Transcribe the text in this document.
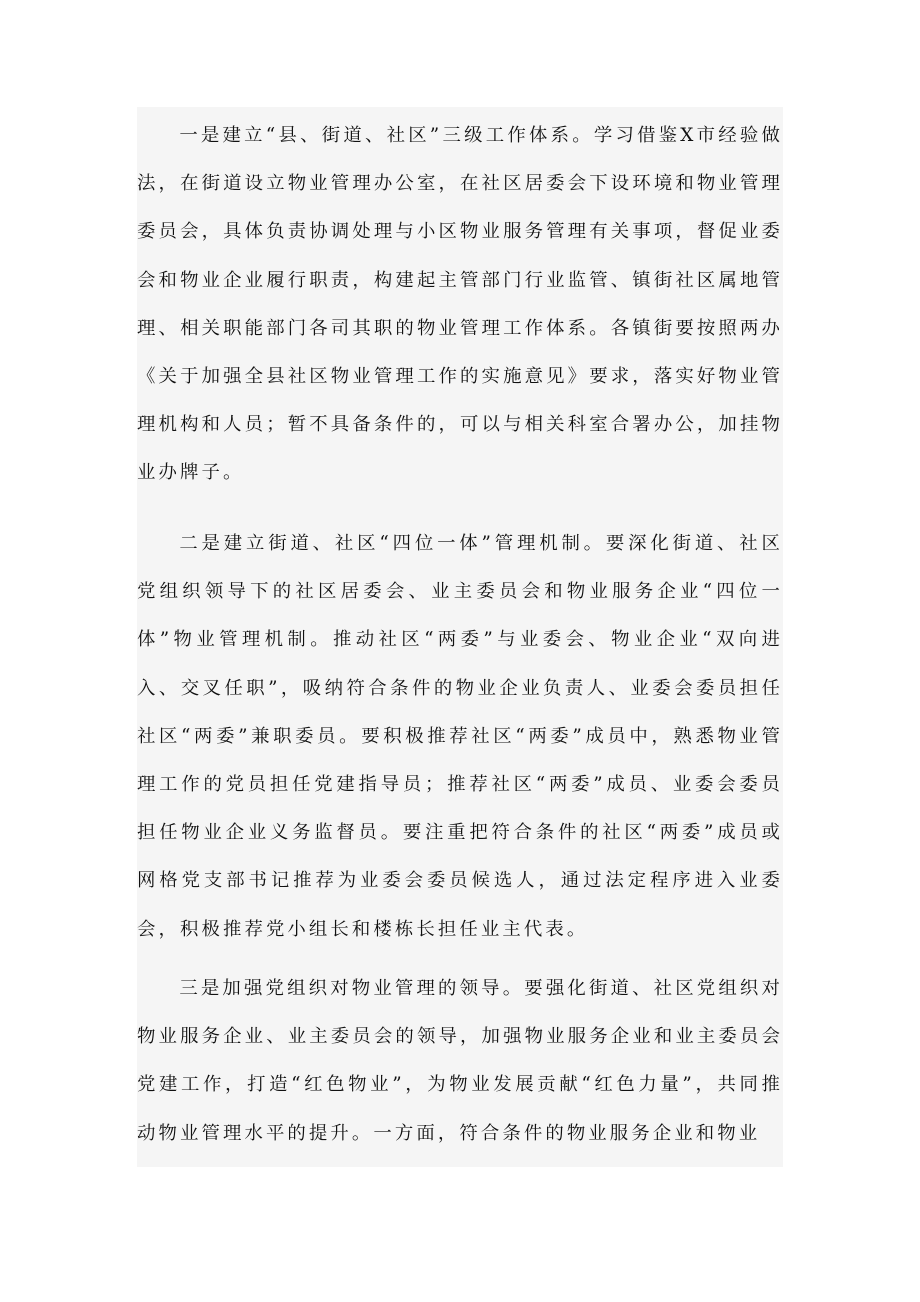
一是建立“县、街道、社区”三级工作体系。学习借鉴X市经验做法，在街道设立物业管理办公室，在社区居委会下设环境和物业管理委员会，具体负责协调处理与小区物业服务管理有关事项，督促业委会和物业企业履行职责，构建起主管部门行业监管、镇街社区属地管理、相关职能部门各司其职的物业管理工作体系。各镇街要按照两办《关于加强全县社区物业管理工作的实施意见》要求，落实好物业管理机构和人员；暂不具备条件的，可以与相关科室合署办公，加挂物业办牌子。

二是建立街道、社区“四位一体”管理机制。要深化街道、社区党组织领导下的社区居委会、业主委员会和物业服务企业“四位一体”物业管理机制。推动社区“两委”与业委会、物业企业“双向进入、交叉任职”，吸纳符合条件的物业企业负责人、业委会委员担任社区“两委”兼职委员。要积极推荐社区“两委”成员中，熟悉物业管理工作的党员担任党建指导员；推荐社区“两委”成员、业委会委员担任物业企业义务监督员。要注重把符合条件的社区“两委”成员或网格党支部书记推荐为业委会委员候选人，通过法定程序进入业委会，积极推荐党小组长和楼栋长担任业主代表。

三是加强党组织对物业管理的领导。要强化街道、社区党组织对物业服务企业、业主委员会的领导，加强物业服务企业和业主委员会党建工作，打造“红色物业”，为物业发展贡献“红色力量”，共同推动物业管理水平的提升。一方面，符合条件的物业服务企业和物业
